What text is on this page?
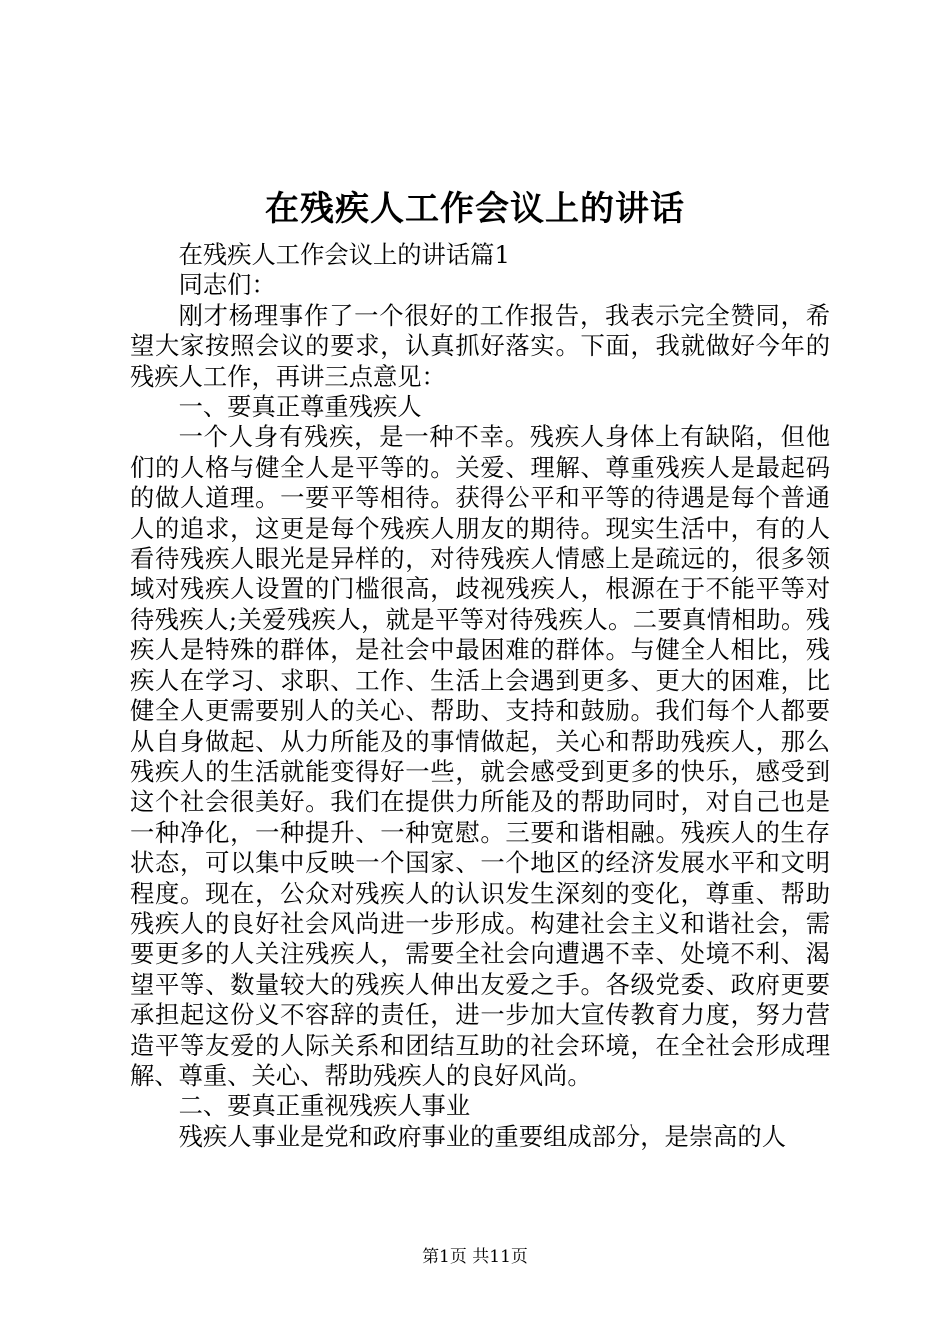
在残疾人工作会议上的讲话

在残疾人工作会议上的讲话篇1

同志们：

刚才杨理事作了一个很好的工作报告，我表示完全赞同，希望大家按照会议的要求，认真抓好落实。下面，我就做好今年的残疾人工作，再讲三点意见：

一、要真正尊重残疾人

一个人身有残疾，是一种不幸。残疾人身体上有缺陷，但他们的人格与健全人是平等的。关爱、理解、尊重残疾人是最起码的做人道理。一要平等相待。获得公平和平等的待遇是每个普通人的追求，这更是每个残疾人朋友的期待。现实生活中，有的人看待残疾人眼光是异样的，对待残疾人情感上是疏远的，很多领域对残疾人设置的门槛很高，歧视残疾人，根源在于不能平等对待残疾人;关爱残疾人，就是平等对待残疾人。二要真情相助。残疾人是特殊的群体，是社会中最困难的群体。与健全人相比，残疾人在学习、求职、工作、生活上会遇到更多、更大的困难，比健全人更需要别人的关心、帮助、支持和鼓励。我们每个人都要从自身做起、从力所能及的事情做起，关心和帮助残疾人，那么残疾人的生活就能变得好一些，就会感受到更多的快乐，感受到这个社会很美好。我们在提供力所能及的帮助同时，对自己也是一种净化，一种提升、一种宽慰。三要和谐相融。残疾人的生存状态，可以集中反映一个国家、一个地区的经济发展水平和文明程度。现在，公众对残疾人的认识发生深刻的变化，尊重、帮助残疾人的良好社会风尚进一步形成。构建社会主义和谐社会，需要更多的人关注残疾人，需要全社会向遭遇不幸、处境不利、渴望平等、数量较大的残疾人伸出友爱之手。各级党委、政府更要承担起这份义不容辞的责任，进一步加大宣传教育力度，努力营造平等友爱的人际关系和团结互助的社会环境，在全社会形成理解、尊重、关心、帮助残疾人的良好风尚。

二、要真正重视残疾人事业

残疾人事业是党和政府事业的重要组成部分，是崇高的人

第1页 共11页
